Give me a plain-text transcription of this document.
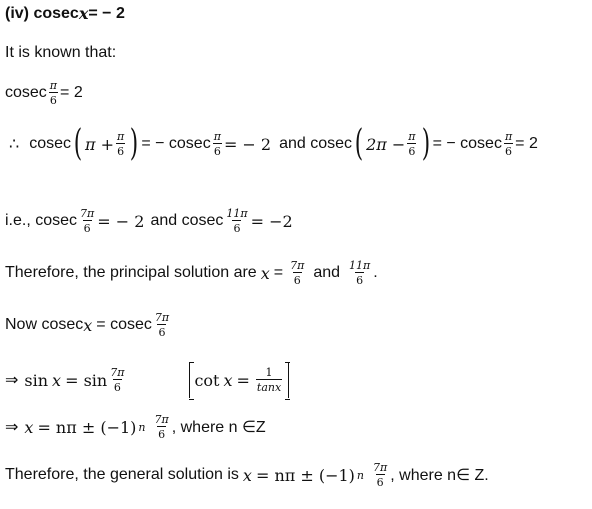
(iv) cosec x = − 2
It is known that:
cosec $\frac{\pi}{6} = 2$
∴ cosec ( $\pi + \frac{\pi}{6}$ ) = − cosec $\frac{\pi}{6}$ = − 2 and cosec ( $2\pi - \frac{\pi}{6}$ ) = − cosec $\frac{\pi}{6} = 2$
i.e., cosec $\frac{7\pi}{6}$ = − 2 and cosec $\frac{11\pi}{6} = -2$
Therefore, the principal solution are $x = \frac{7\pi}{6}$ and $\frac{11\pi}{6}$ .
Now cosec x = cosec $\frac{7\pi}{6}$
⇒ $\sin x = \sin \frac{7\pi}{6}$	$\cot x = \frac{1}{\tan x}$
⇒ x = nπ ± (−1) n $\frac{7\pi}{6}$ , where n ∈Z
Therefore, the general solution is x = nπ ± (−1) n $\frac{7\pi}{6}$ , where n∈ Z.
